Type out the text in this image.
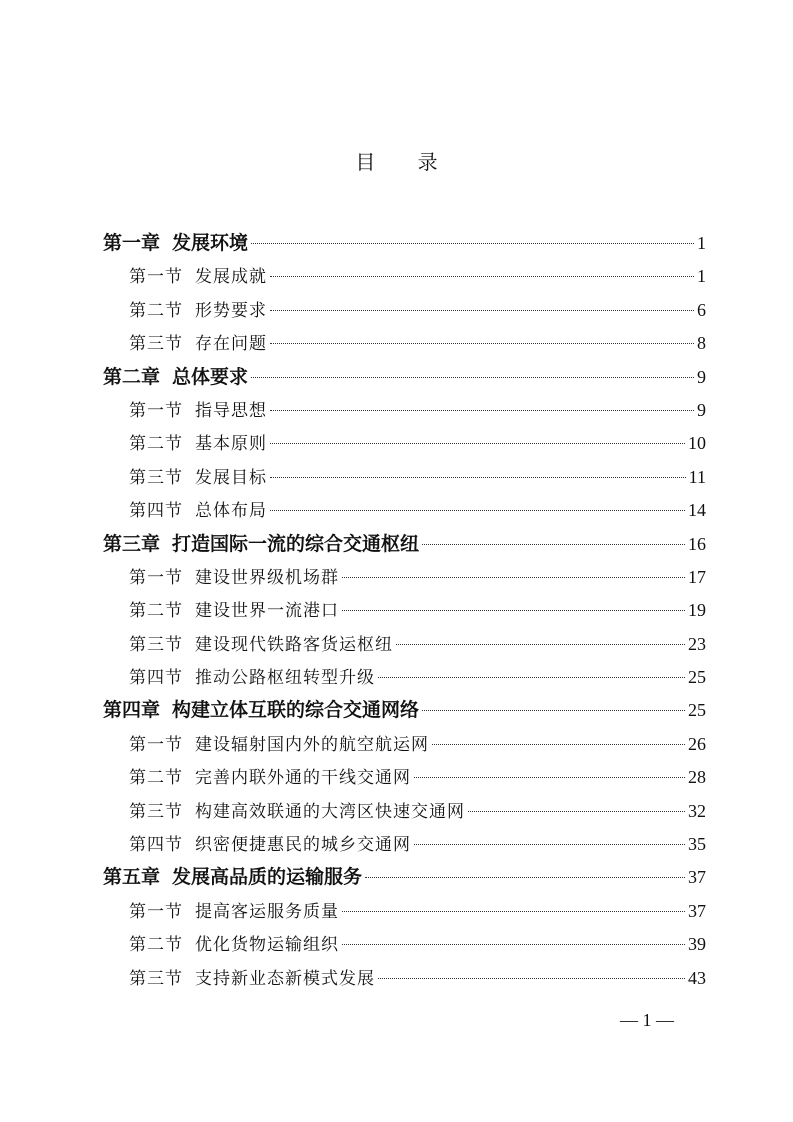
目 录
第一章 发展环境	1
第一节 发展成就	1
第二节 形势要求	6
第三节 存在问题	8
第二章 总体要求	9
第一节 指导思想	9
第二节 基本原则	10
第三节 发展目标	11
第四节 总体布局	14
第三章 打造国际一流的综合交通枢纽	16
第一节 建设世界级机场群	17
第二节 建设世界一流港口	19
第三节 建设现代铁路客货运枢纽	23
第四节 推动公路枢纽转型升级	25
第四章 构建立体互联的综合交通网络	25
第一节 建设辐射国内外的航空航运网	26
第二节 完善内联外通的干线交通网	28
第三节 构建高效联通的大湾区快速交通网	32
第四节 织密便捷惠民的城乡交通网	35
第五章 发展高品质的运输服务	37
第一节 提高客运服务质量	37
第二节 优化货物运输组织	39
第三节 支持新业态新模式发展	43
— 1 —
